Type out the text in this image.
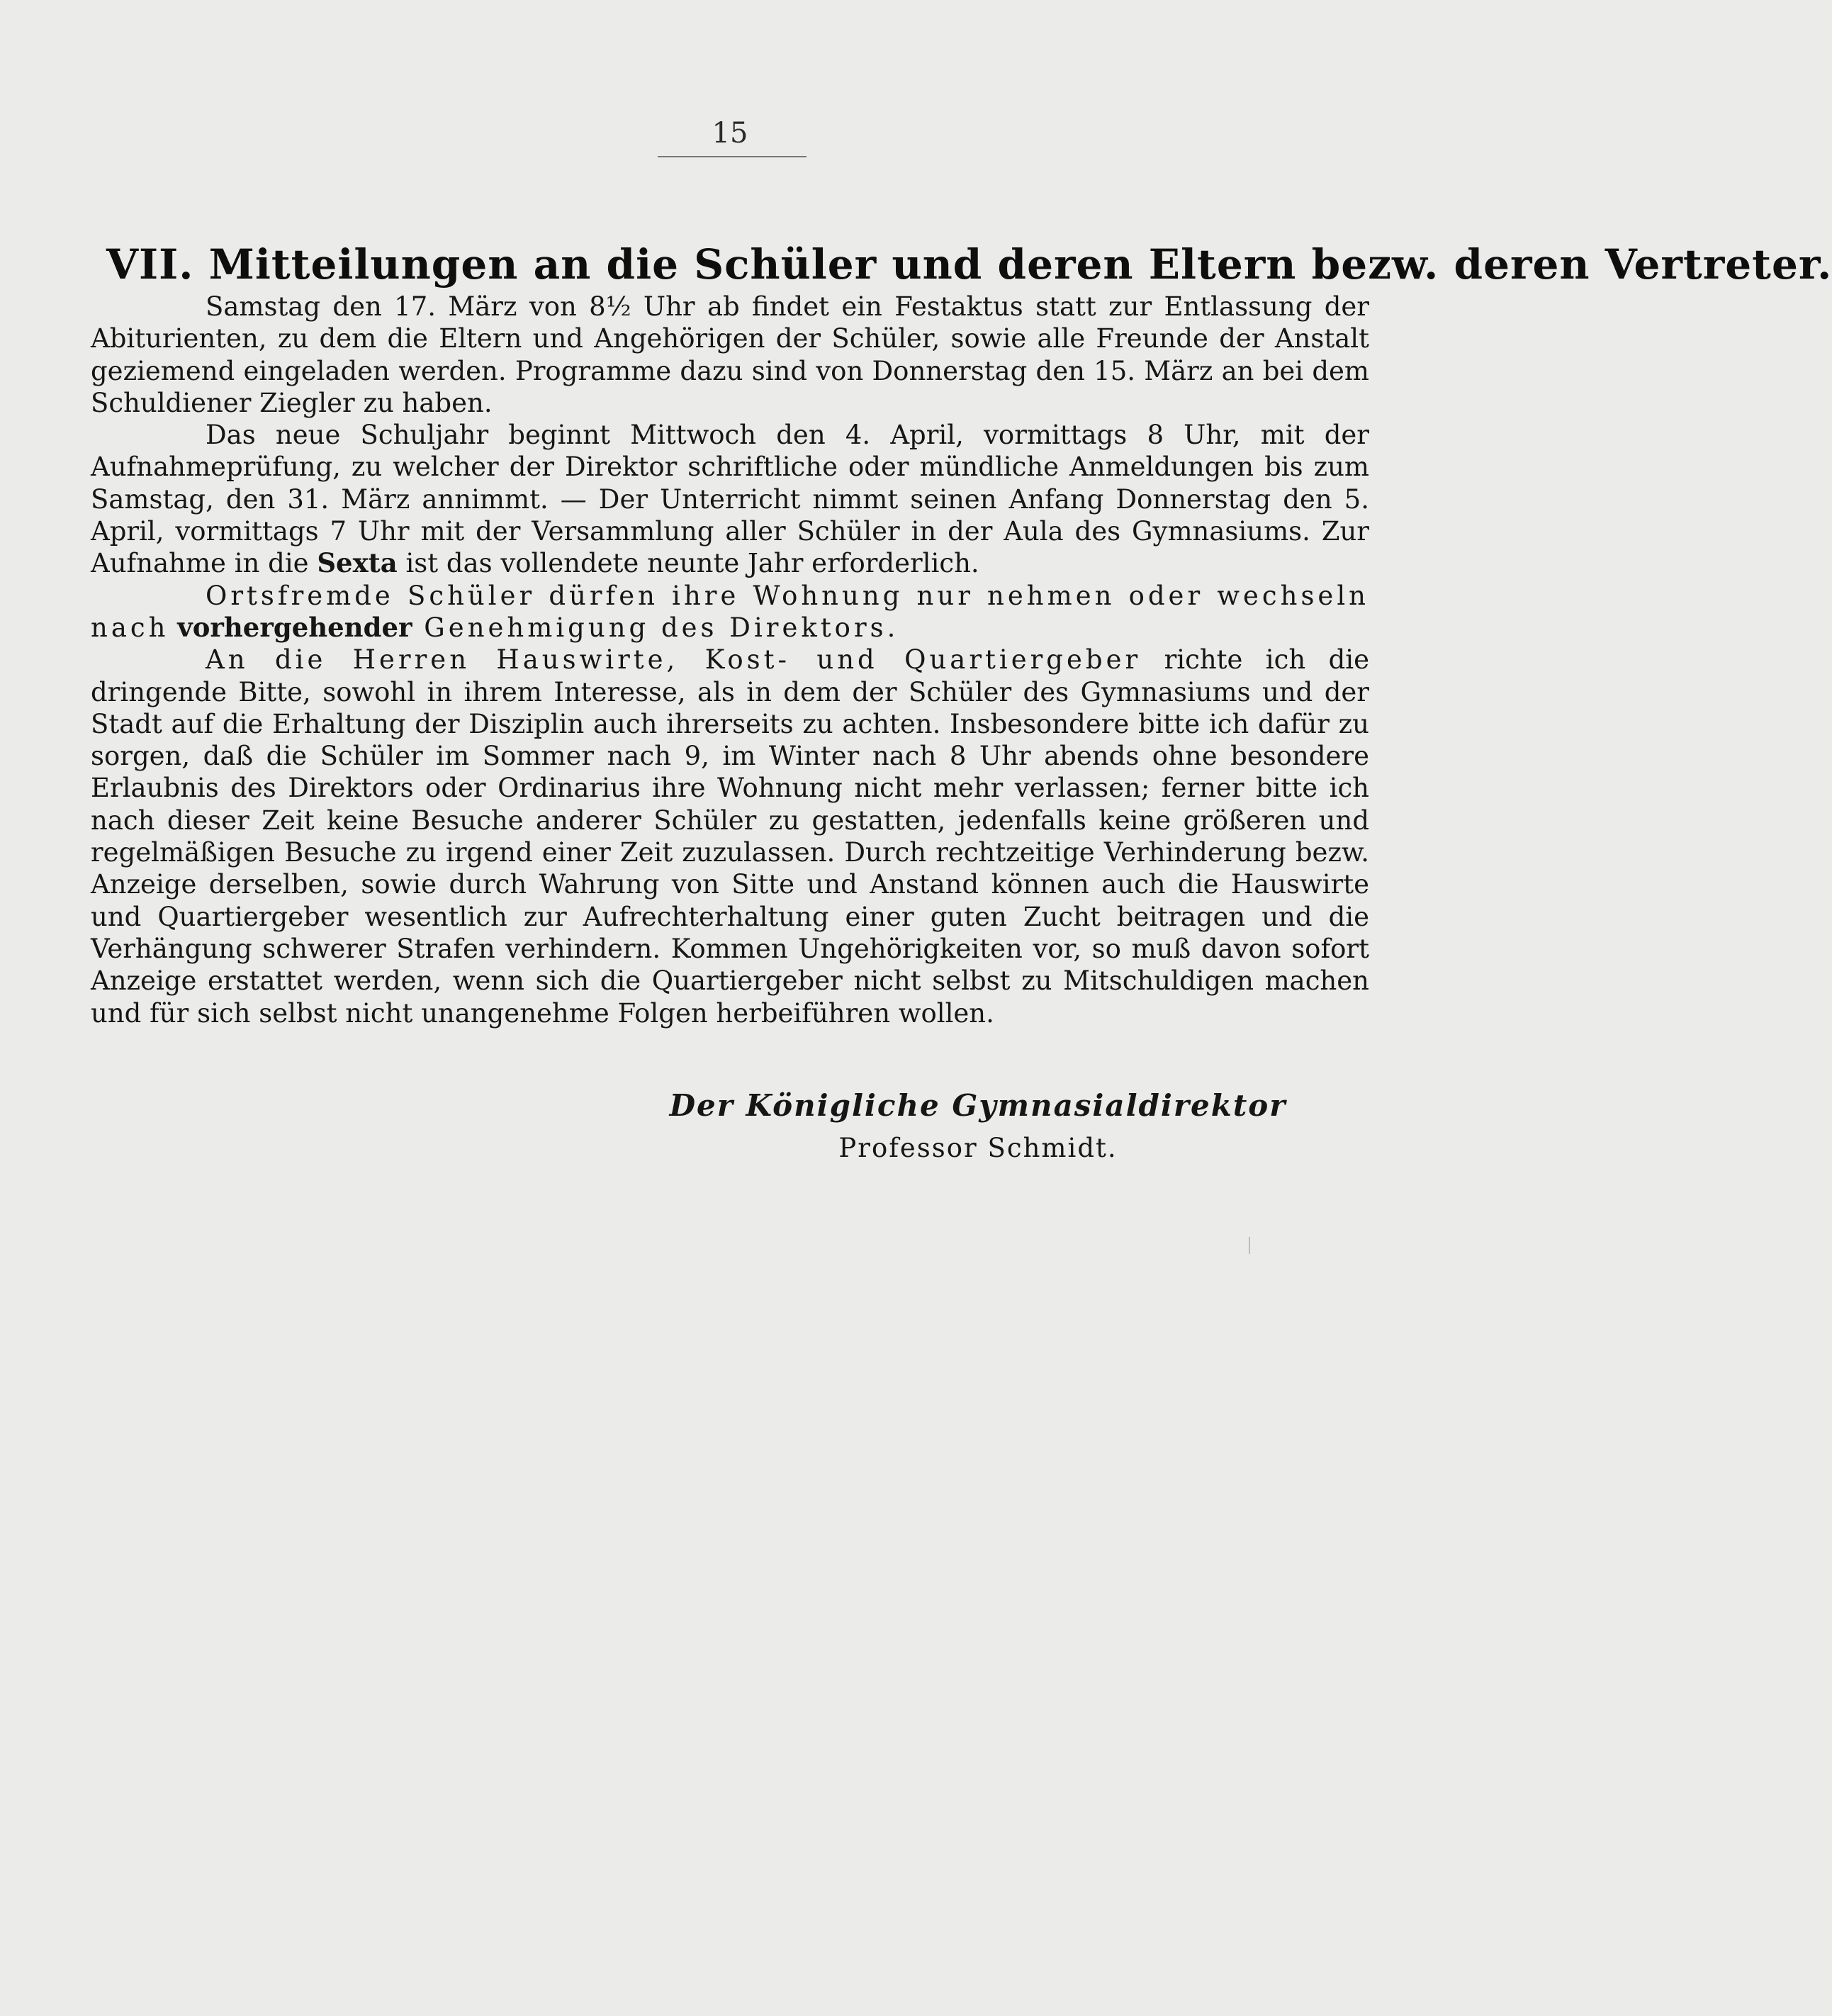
15
VII. Mitteilungen an die Schüler und deren Eltern bezw. deren Vertreter.

Samstag den 17. März von 8½ Uhr ab findet ein Festaktus statt zur Entlassung der Abiturienten, zu dem die Eltern und Angehörigen der Schüler, sowie alle Freunde der Anstalt geziemend eingeladen werden. Programme dazu sind von Donnerstag den 15. März an bei dem Schuldiener Ziegler zu haben.

Das neue Schuljahr beginnt Mittwoch den 4. April, vormittags 8 Uhr, mit der Aufnahmeprüfung, zu welcher der Direktor schriftliche oder mündliche Anmeldungen bis zum Samstag, den 31. März annimmt. — Der Unterricht nimmt seinen Anfang Donnerstag den 5. April, vormittags 7 Uhr mit der Versammlung aller Schüler in der Aula des Gymnasiums. Zur Aufnahme in die Sexta ist das vollendete neunte Jahr erforderlich.

Ortsfremde Schüler dürfen ihre Wohnung nur nehmen oder wechseln nach vorhergehender Genehmigung des Direktors.

An die Herren Hauswirte, Kost- und Quartiergeber richte ich die dringende Bitte, sowohl in ihrem Interesse, als in dem der Schüler des Gymnasiums und der Stadt auf die Erhaltung der Disziplin auch ihrerseits zu achten. Insbesondere bitte ich dafür zu sorgen, daß die Schüler im Sommer nach 9, im Winter nach 8 Uhr abends ohne besondere Erlaubnis des Direktors oder Ordinarius ihre Wohnung nicht mehr verlassen; ferner bitte ich nach dieser Zeit keine Besuche anderer Schüler zu gestatten, jedenfalls keine größeren und regelmäßigen Besuche zu irgend einer Zeit zuzulassen. Durch rechtzeitige Verhinderung bezw. Anzeige derselben, sowie durch Wahrung von Sitte und Anstand können auch die Hauswirte und Quartiergeber wesentlich zur Aufrechterhaltung einer guten Zucht beitragen und die Verhängung schwerer Strafen verhindern. Kommen Ungehörigkeiten vor, so muß davon sofort Anzeige erstattet werden, wenn sich die Quartiergeber nicht selbst zu Mitschuldigen machen und für sich selbst nicht unangenehme Folgen herbeiführen wollen.

Der Königliche Gymnasialdirektor
Professor Schmidt.
